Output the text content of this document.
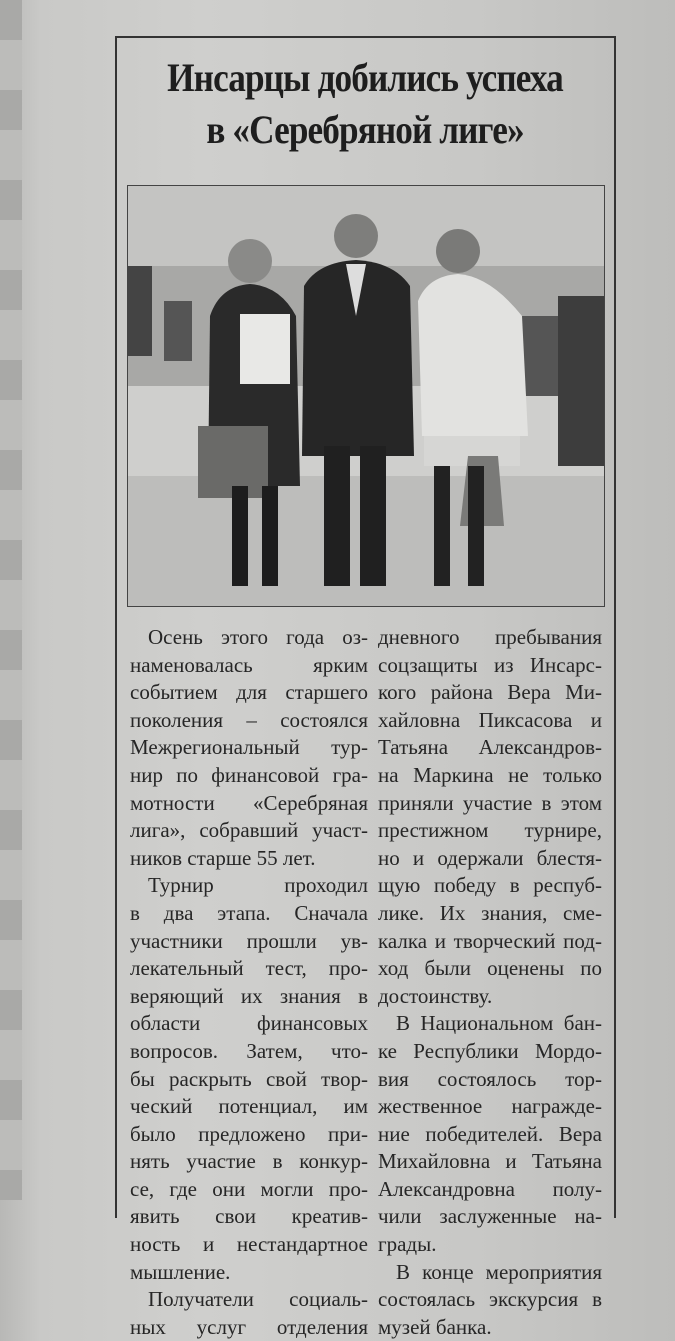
Инсарцы добились успеха
в «Серебряной лиге»
Осень этого года оз-
наменовалась ярким
событием для старшего
поколения – состоялся
Межрегиональный тур-
нир по финансовой гра-
мотности «Серебряная
лига», собравший участ-
ников старше 55 лет.
Турнир проходил
в два этапа. Сначала
участники прошли ув-
лекательный тест, про-
веряющий их знания в
области финансовых
вопросов. Затем, что-
бы раскрыть свой твор-
ческий потенциал, им
было предложено при-
нять участие в конкур-
се, где они могли про-
явить свои креатив-
ность и нестандартное
мышление.
Получатели социаль-
ных услуг отделения
дневного пребывания
соцзащиты из Инсарс-
кого района Вера Ми-
хайловна Пиксасова и
Татьяна Александров-
на Маркина не только
приняли участие в этом
престижном турнире,
но и одержали блестя-
щую победу в респуб-
лике. Их знания, сме-
калка и творческий под-
ход были оценены по
достоинству.
В Национальном бан-
ке Республики Мордо-
вия состоялось тор-
жественное награжде-
ние победителей. Вера
Михайловна и Татьяна
Александровна полу-
чили заслуженные на-
грады.
В конце мероприятия
состоялась экскурсия в
музей банка.
